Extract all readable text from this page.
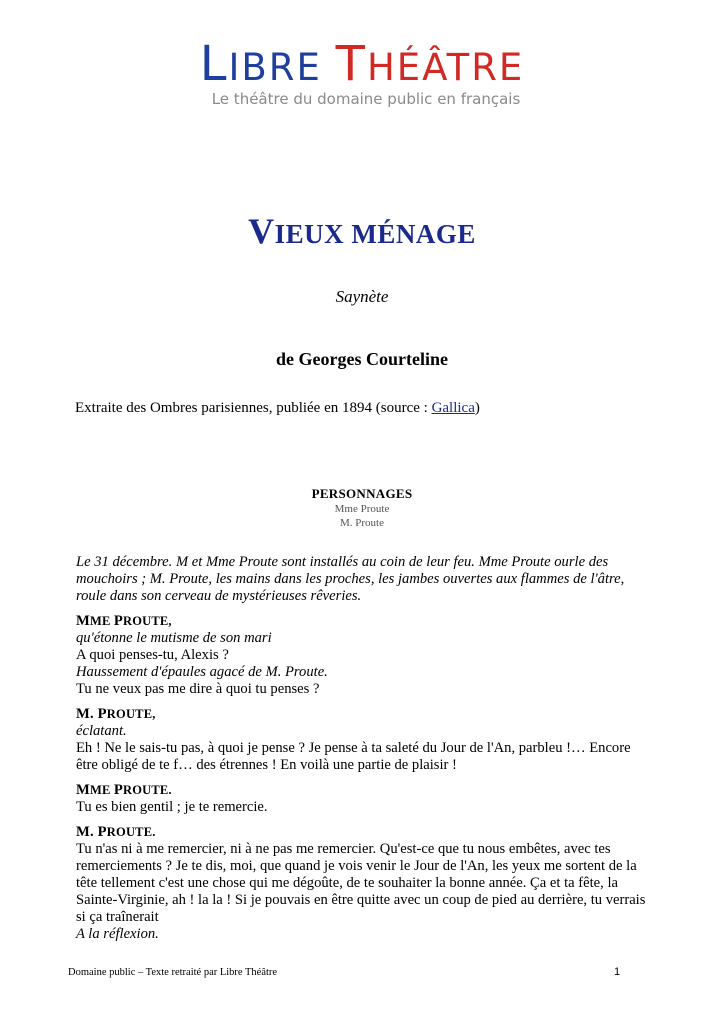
LIBRE THÉÂTRE
Le théâtre du domaine public en français
VIEUX MÉNAGE
Saynète
de Georges Courteline
Extraite des Ombres parisiennes, publiée en 1894 (source : Gallica)
PERSONNAGES
Mme Proute
M. Proute

Le 31 décembre. M et Mme Proute sont installés au coin de leur feu. Mme Proute ourle des mouchoirs ; M. Proute, les mains dans les proches, les jambes ouvertes aux flammes de l'âtre, roule dans son cerveau de mystérieuses rêveries.

MME PROUTE,

qu'étonne le mutisme de son mari

A quoi penses-tu, Alexis ?

Haussement d'épaules agacé de M. Proute.

Tu ne veux pas me dire à quoi tu penses ?

M. PROUTE,

éclatant.

Eh ! Ne le sais-tu pas, à quoi je pense ? Je pense à ta saleté du Jour de l'An, parbleu !… Encore être obligé de te f… des étrennes ! En voilà une partie de plaisir !

MME PROUTE.

Tu es bien gentil ; je te remercie.

M. PROUTE.

Tu n'as ni à me remercier, ni à ne pas me remercier. Qu'est-ce que tu nous embêtes, avec tes remerciements ? Je te dis, moi, que quand je vois venir le Jour de l'An, les yeux me sortent de la tête tellement c'est une chose qui me dégoûte, de te souhaiter la bonne année. Ça et ta fête, la Sainte-Virginie, ah ! la la ! Si je pouvais en être quitte avec un coup de pied au derrière, tu verrais si ça traînerait

A la réflexion.

Domaine public – Texte retraité par Libre Théâtre	1
